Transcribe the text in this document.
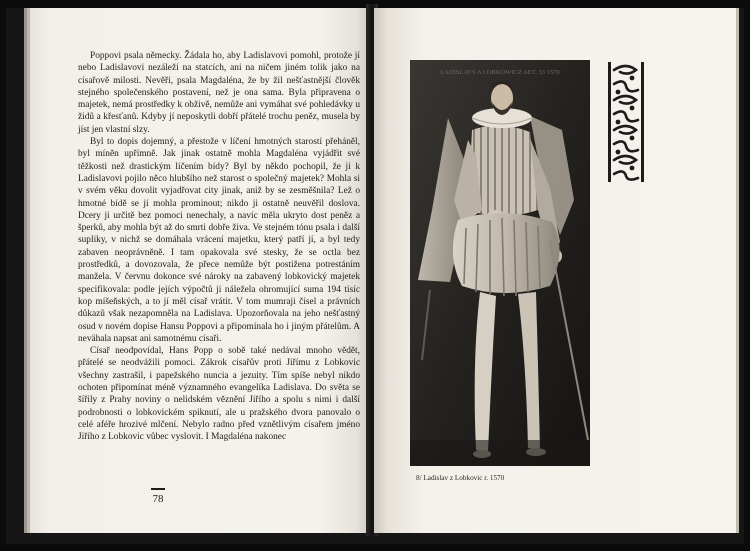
Poppovi psala německy. Žádala ho, aby Ladislavovi pomohl, protože jí nebo Ladislavovi nezáleží na statcích, ani na ničem jiném tolik jako na císařově milosti. Nevěří, psala Magdaléna, že by žil nešťastnější člověk stejného společenského postavení, než je ona sama. Byla připravena o majetek, nemá prostředky k obživě, nemůže ani vymáhat své pohledávky u židů a křesťanů. Kdyby jí neposkytli dobří přátelé trochu peněz, musela by jíst jen vlastní slzy.

Byl to dopis dojemný, a přestože v líčení hmotných starostí přeháněl, byl míněn upřímně. Jak jinak ostatně mohla Magdaléna vyjádřit své těžkosti než drastickým líčením bídy? Byl by někdo pochopil, že ji k Ladislavovi pojilo něco hlubšího než starost o společný majetek? Mohla si v svém věku dovolit vyjadřovat city jinak, aniž by se zesměšnila? Lež o hmotné bídě se jí mohla prominout; nikdo ji ostatně neuvěřil doslova. Dcery ji určitě bez pomoci nenechaly, a navíc měla ukryto dost peněz a šperků, aby mohla být až do smrti dobře živa. Ve stejném tónu psala i další supliky, v nichž se domáhala vrácení majetku, který patří jí, a byl tedy zabaven neoprávněně. I tam opakovala své stesky, že se octla bez prostředků, a dovozovala, že přece nemůže být postižena potrestáním manžela. V červnu dokonce své nároky na zabavený lobkovický majetek specifikovala: podle jejích výpočtů jí náležela ohromující suma 194 tisíc kop míšeňských, a to jí měl císař vrátit. V tom mumraji čísel a právních důkazů však nezapomněla na Ladislava. Upozorňovala na jeho nešťastný osud v novém dopise Hansu Poppovi a připomínala ho i jiným přátelům. A nevähala napsat ani samotnému císaři.

Císař neodpovídal, Hans Popp o sobě také nedával mnoho vědět, přátelé se neodvážili pomoci. Zákrok císařův proti Jiřímu z Lobkovic všechny zastrašil, i papežského nuncia a jezuity. Tím spíše nebyl nikdo ochoten připomínat méně významného evangelíka Ladislava. Do světa se šířily z Prahy noviny o nelidském věznění Jiřího a spolu s nimi i další podrobnosti o lobkovickém spiknutí, ale u pražského dvora panovalo o celé aféře hrozivé mlčení. Nebylo radno před vznětlivým císařem jméno Jiřího z Lobkovic vůbec vyslovit. I Magdaléna nakonec

78
LADISLAVS A LOBKOWICZ AET. 33 1570
8/ Ladislav z Lobkovic r. 1570
